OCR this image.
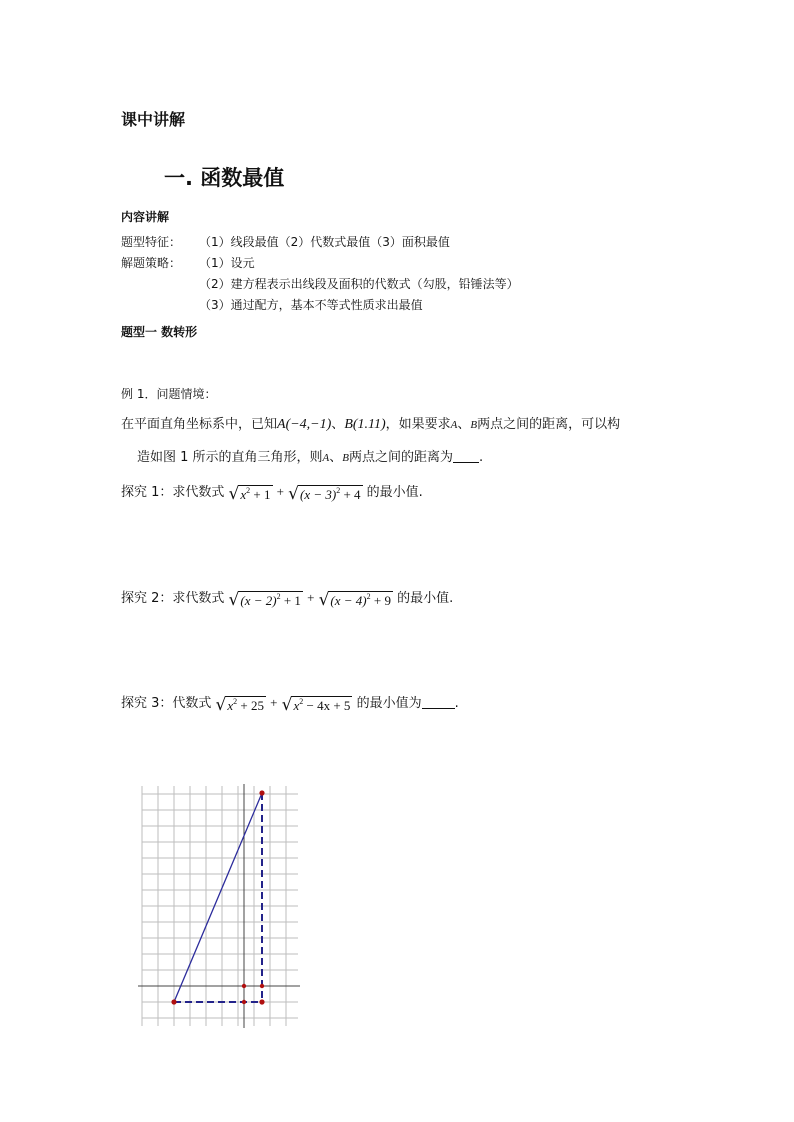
课中讲解
一. 函数最值
内容讲解
题型特征： （1）线段最值（2）代数式最值（3）面积最值
解题策略： （1）设元
（2）建方程表示出线段及面积的代数式（勾股，铅锤法等）
（3）通过配方，基本不等式性质求出最值
题型一 数转形
例 1．问题情境：
在平面直角坐标系中，已知A(−4,−1)、B(1.11)，如果要求A、B两点之间的距离，可以构
造如图 1 所示的直角三角形，则A、B两点之间的距离为 .
探究 1：求代数式 √ $x^2 + 1$ + √ $(x - 3)^2 + 4$ 的最小值.
探究 2：求代数式 √ $(x - 2)^2 + 1$ + √ $(x - 4)^2 + 9$ 的最小值.
探究 3：代数式 √ $x^2 + 25$ + √ $x^2 - 4x + 5$ 的最小值为	.
